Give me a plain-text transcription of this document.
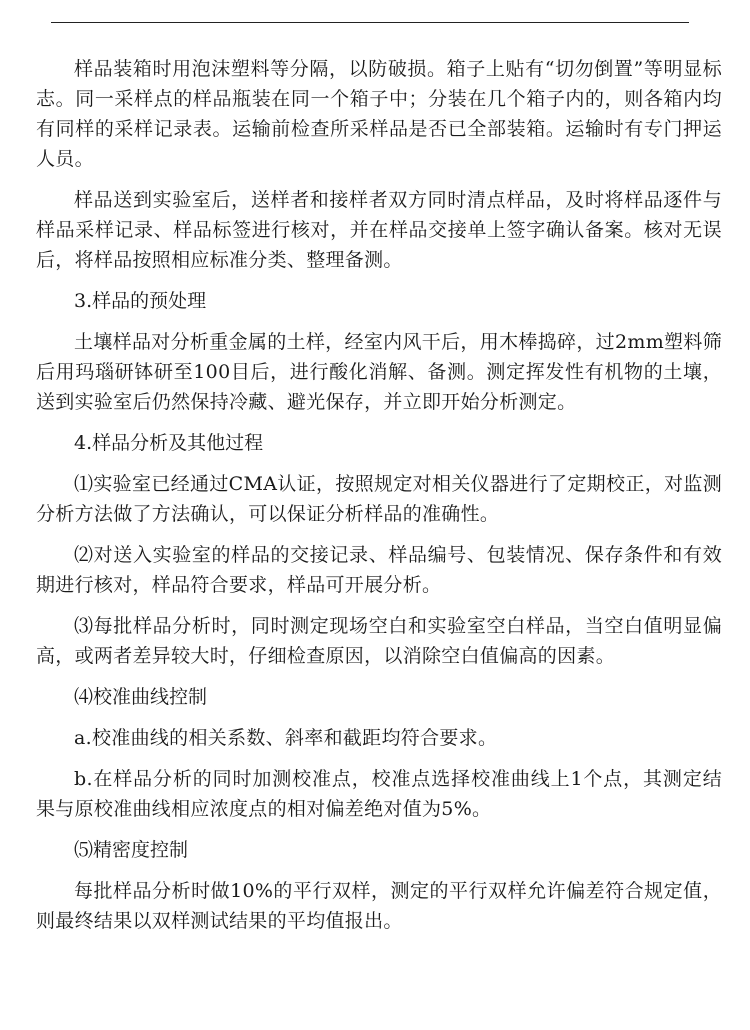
样品装箱时用泡沫塑料等分隔，以防破损。箱子上贴有“切勿倒置”等明显标志。同一采样点的样品瓶装在同一个箱子中；分装在几个箱子内的，则各箱内均有同样的采样记录表。运输前检查所采样品是否已全部装箱。运输时有专门押运人员。

样品送到实验室后，送样者和接样者双方同时清点样品，及时将样品逐件与样品采样记录、样品标签进行核对，并在样品交接单上签字确认备案。核对无误后，将样品按照相应标准分类、整理备测。

3.样品的预处理

土壤样品对分析重金属的土样，经室内风干后，用木棒捣碎，过2mm塑料筛后用玛瑙研钵研至100目后，进行酸化消解、备测。测定挥发性有机物的土壤，送到实验室后仍然保持冷藏、避光保存，并立即开始分析测定。

4.样品分析及其他过程

⑴实验室已经通过CMA认证，按照规定对相关仪器进行了定期校正，对监测分析方法做了方法确认，可以保证分析样品的准确性。

⑵对送入实验室的样品的交接记录、样品编号、包装情况、保存条件和有效期进行核对，样品符合要求，样品可开展分析。

⑶每批样品分析时，同时测定现场空白和实验室空白样品，当空白值明显偏高，或两者差异较大时，仔细检查原因，以消除空白值偏高的因素。

⑷校准曲线控制

a.校准曲线的相关系数、斜率和截距均符合要求。

b.在样品分析的同时加测校准点，校准点选择校准曲线上1个点，其测定结果与原校准曲线相应浓度点的相对偏差绝对值为5%。

⑸精密度控制

每批样品分析时做10%的平行双样，测定的平行双样允许偏差符合规定值，则最终结果以双样测试结果的平均值报出。
